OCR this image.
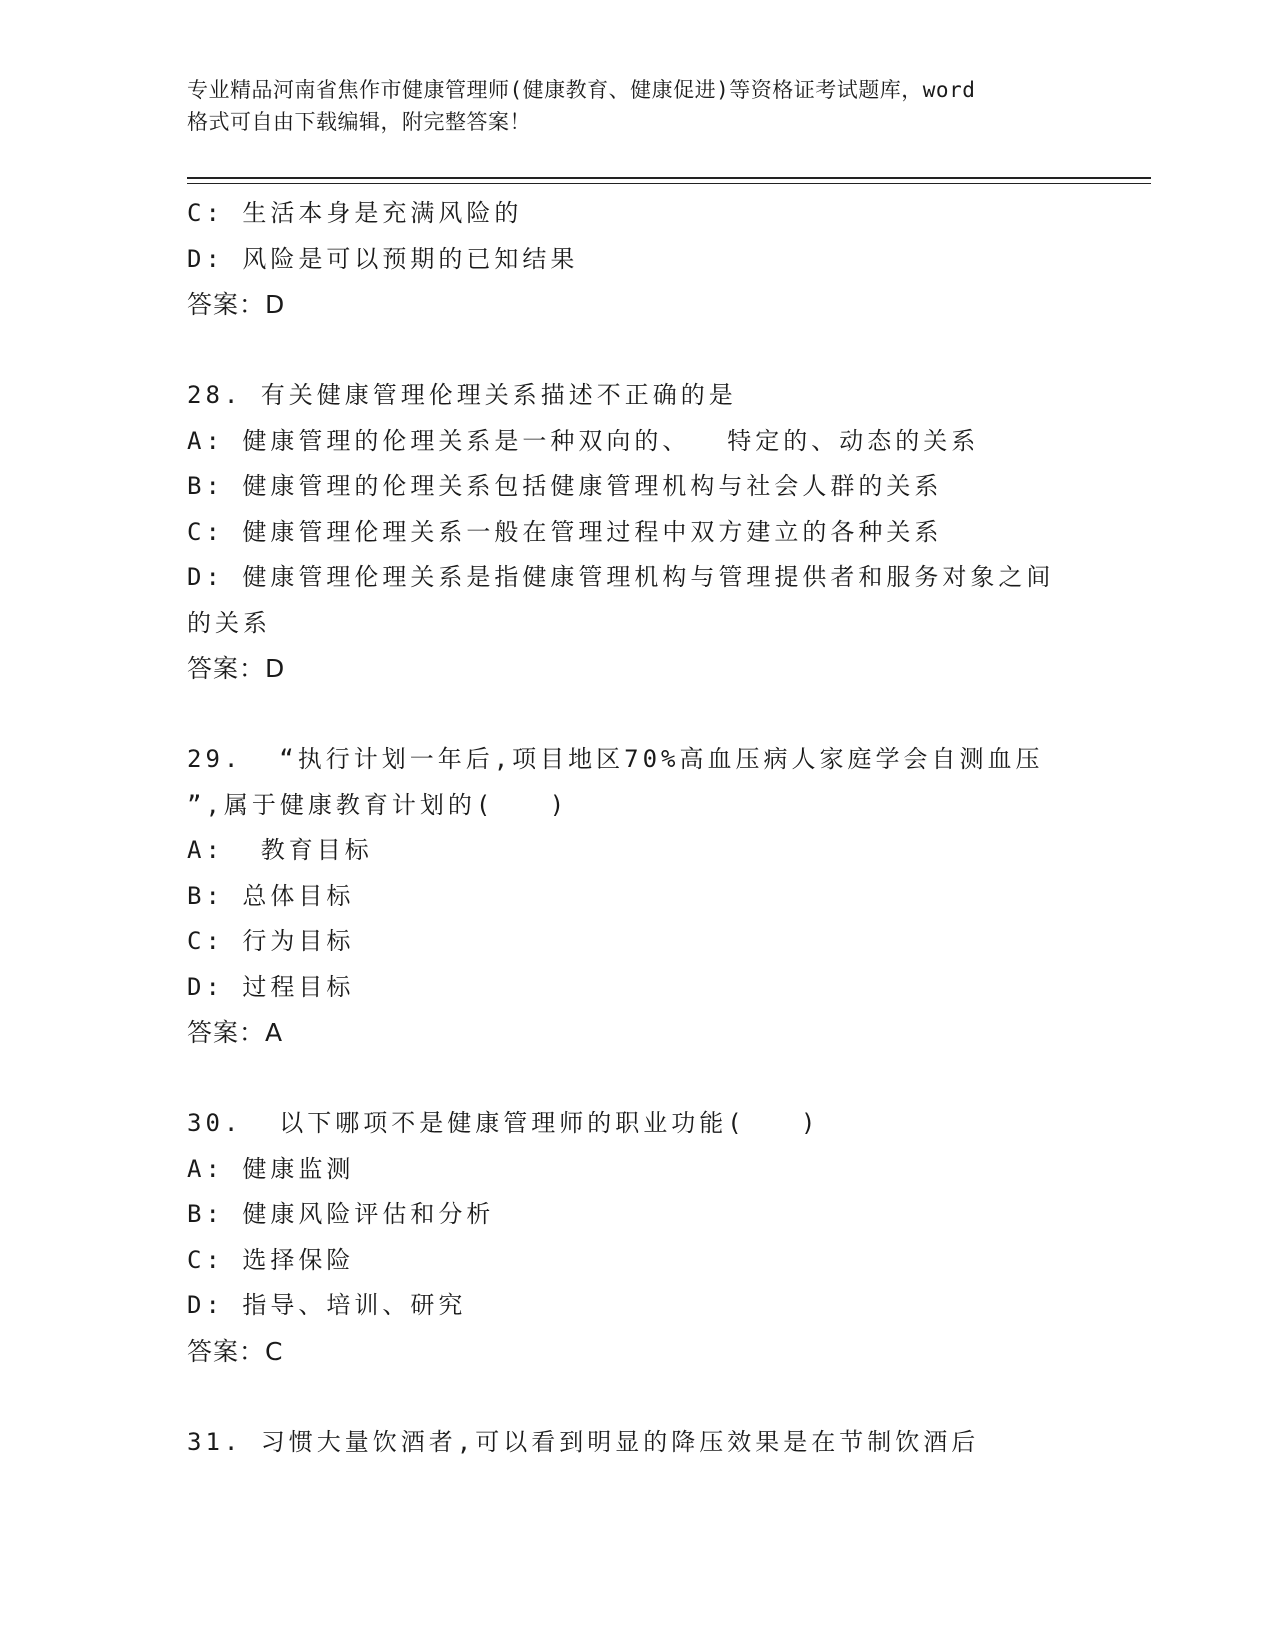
专业精品河南省焦作市健康管理师(健康教育、健康促进)等资格证考试题库，word
格式可自由下载编辑，附完整答案！
C: 生活本身是充满风险的
D: 风险是可以预期的已知结果
答案：D
28. 有关健康管理伦理关系描述不正确的是
A: 健康管理的伦理关系是一种双向的、  特定的、动态的关系
B: 健康管理的伦理关系包括健康管理机构与社会人群的关系
C: 健康管理伦理关系一般在管理过程中双方建立的各种关系
D: 健康管理伦理关系是指健康管理机构与管理提供者和服务对象之间
的关系
答案：D
29.  “执行计划一年后,项目地区70%高血压病人家庭学会自测血压
”,属于健康教育计划的(   )
A:  教育目标
B: 总体目标
C: 行为目标
D: 过程目标
答案：A
30.  以下哪项不是健康管理师的职业功能(   )
A: 健康监测
B: 健康风险评估和分析
C: 选择保险
D: 指导、培训、研究
答案：C
31. 习惯大量饮酒者,可以看到明显的降压效果是在节制饮酒后
